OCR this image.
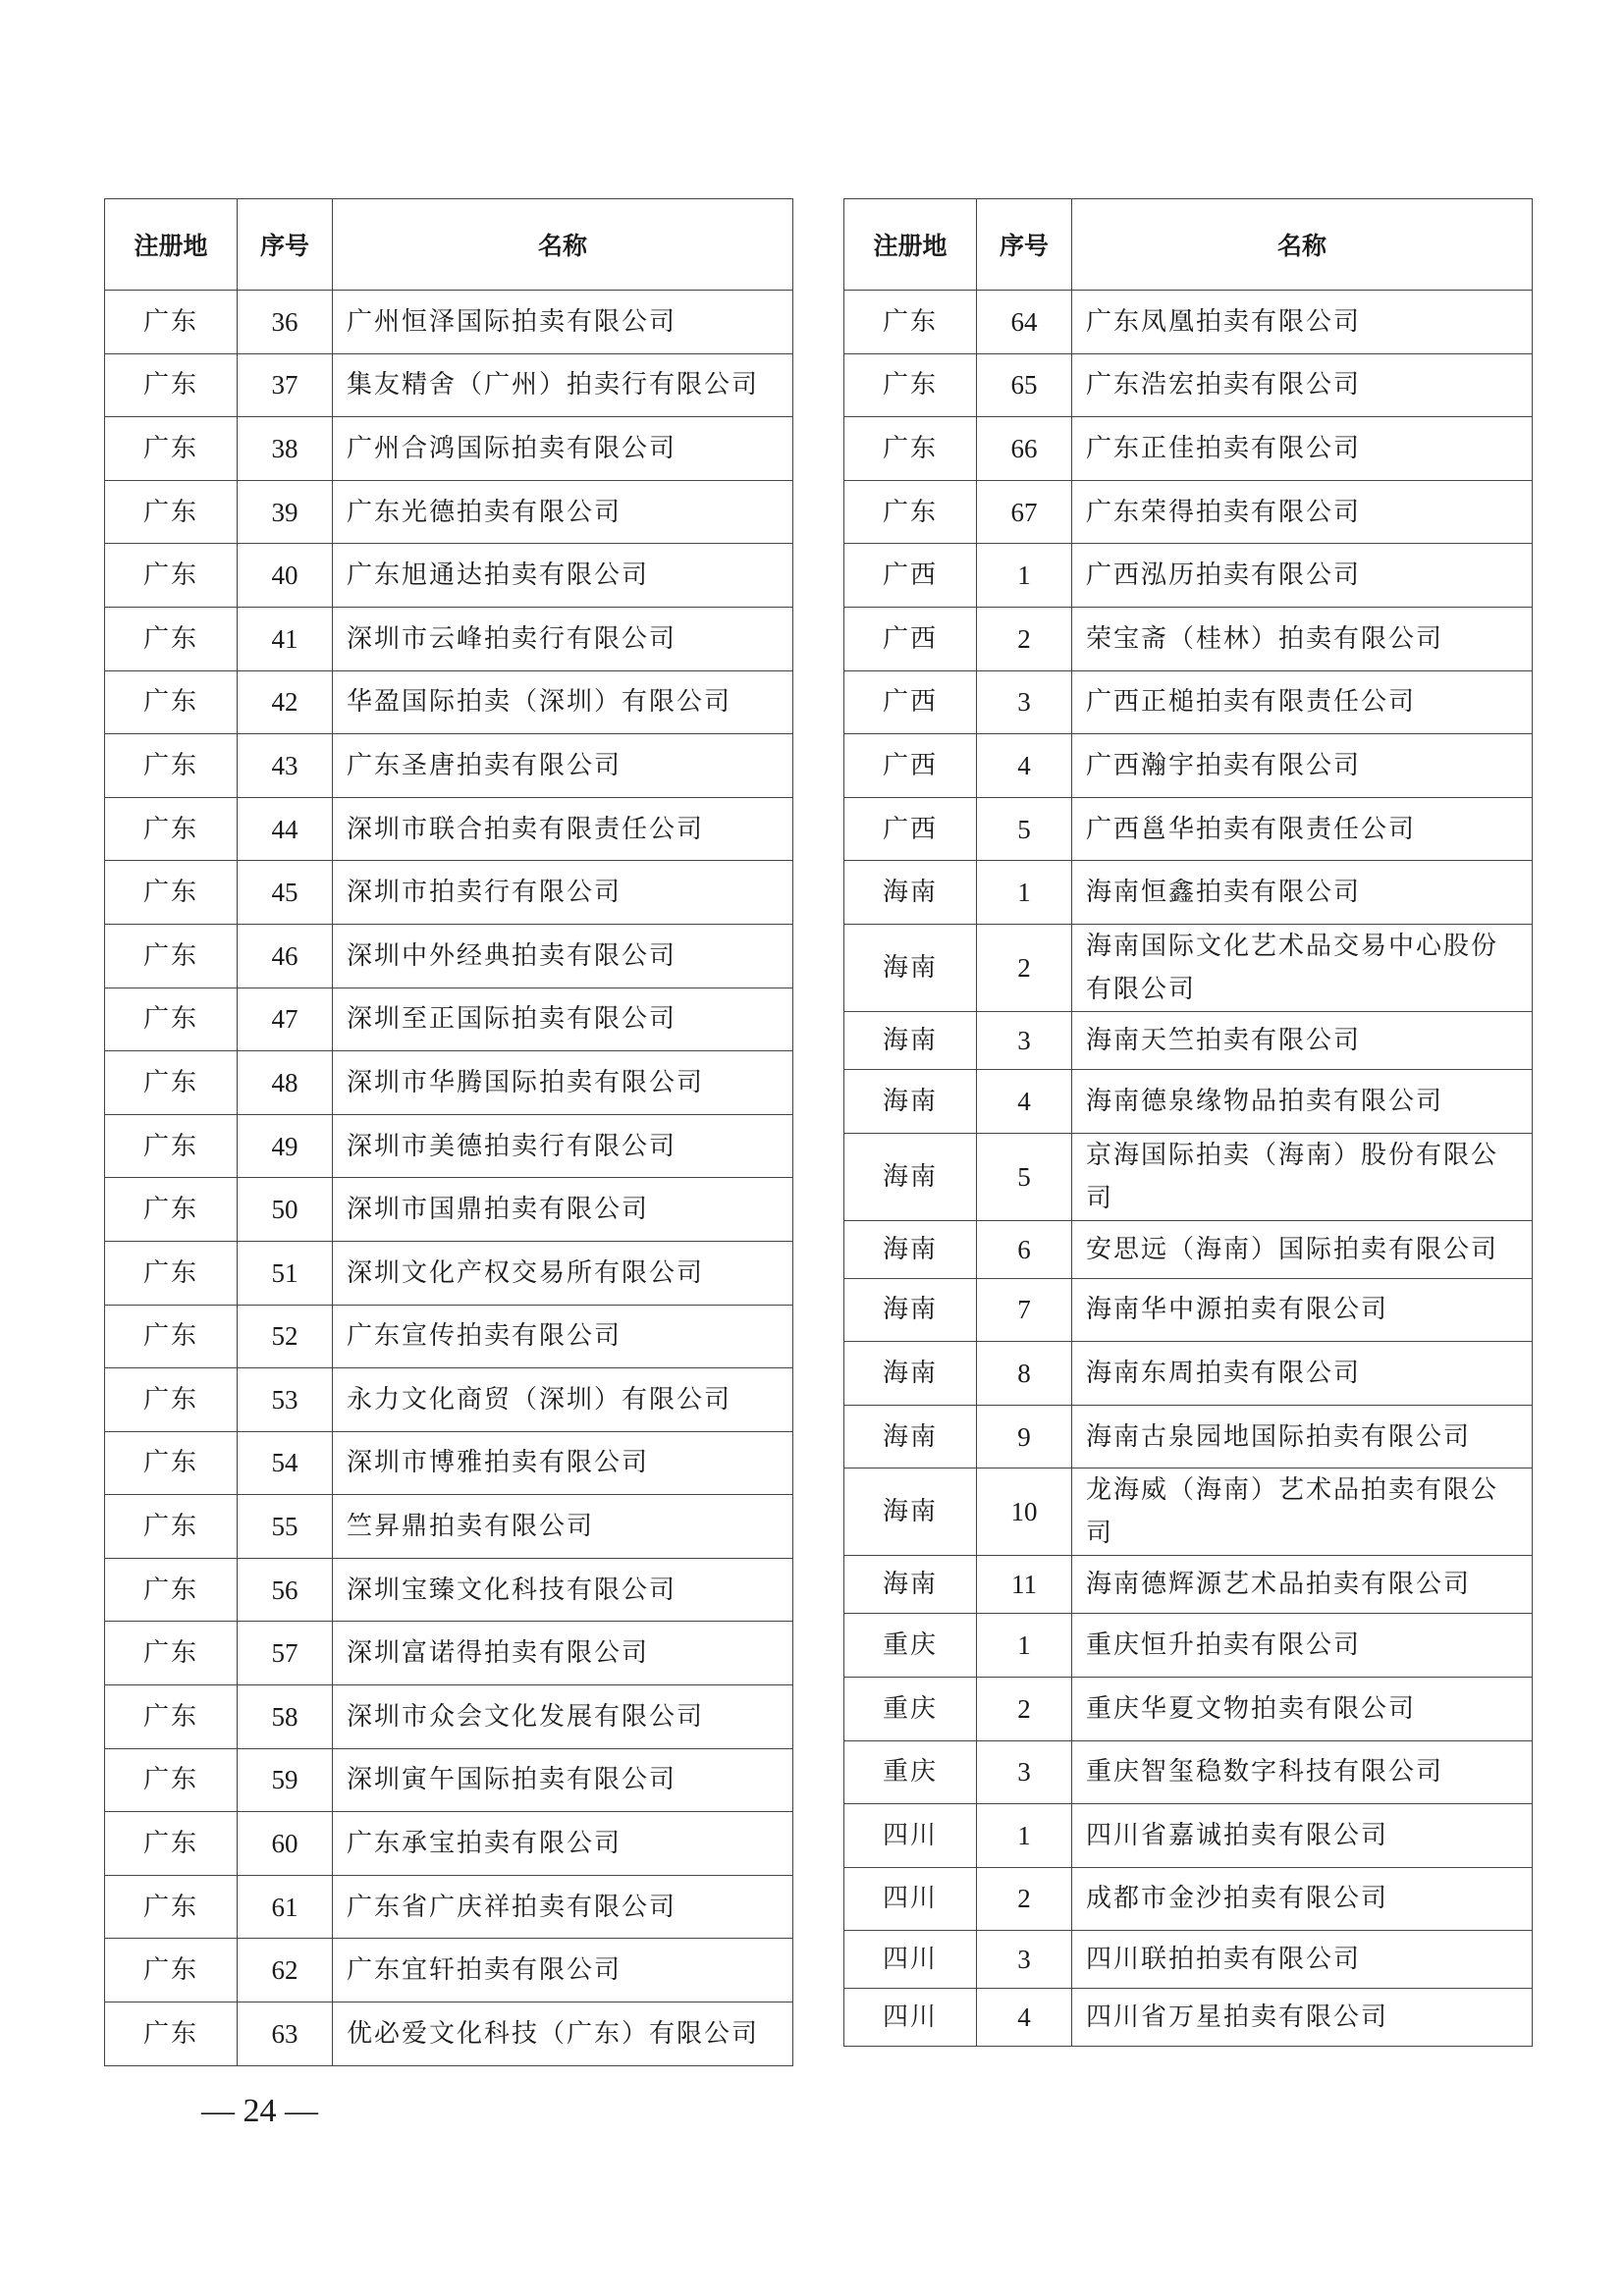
注册地	序号	名称
广东	36	广州恒泽国际拍卖有限公司
广东	37	集友精舍（广州）拍卖行有限公司
广东	38	广州合鸿国际拍卖有限公司
广东	39	广东光德拍卖有限公司
广东	40	广东旭通达拍卖有限公司
广东	41	深圳市云峰拍卖行有限公司
广东	42	华盈国际拍卖（深圳）有限公司
广东	43	广东圣唐拍卖有限公司
广东	44	深圳市联合拍卖有限责任公司
广东	45	深圳市拍卖行有限公司
广东	46	深圳中外经典拍卖有限公司
广东	47	深圳至正国际拍卖有限公司
广东	48	深圳市华腾国际拍卖有限公司
广东	49	深圳市美德拍卖行有限公司
广东	50	深圳市国鼎拍卖有限公司
广东	51	深圳文化产权交易所有限公司
广东	52	广东宣传拍卖有限公司
广东	53	永力文化商贸（深圳）有限公司
广东	54	深圳市博雅拍卖有限公司
广东	55	竺昇鼎拍卖有限公司
广东	56	深圳宝臻文化科技有限公司
广东	57	深圳富诺得拍卖有限公司
广东	58	深圳市众会文化发展有限公司
广东	59	深圳寅午国际拍卖有限公司
广东	60	广东承宝拍卖有限公司
广东	61	广东省广庆祥拍卖有限公司
广东	62	广东宜轩拍卖有限公司
广东	63	优必爱文化科技（广东）有限公司
注册地	序号	名称
广东	64	广东凤凰拍卖有限公司
广东	65	广东浩宏拍卖有限公司
广东	66	广东正佳拍卖有限公司
广东	67	广东荣得拍卖有限公司
广西	1	广西泓历拍卖有限公司
广西	2	荣宝斋（桂林）拍卖有限公司
广西	3	广西正槌拍卖有限责任公司
广西	4	广西瀚宇拍卖有限公司
广西	5	广西邕华拍卖有限责任公司
海南	1	海南恒鑫拍卖有限公司
海南	2	海南国际文化艺术品交易中心股份有限公司
海南	3	海南天竺拍卖有限公司
海南	4	海南德泉缘物品拍卖有限公司
海南	5	京海国际拍卖（海南）股份有限公司
海南	6	安思远（海南）国际拍卖有限公司
海南	7	海南华中源拍卖有限公司
海南	8	海南东周拍卖有限公司
海南	9	海南古泉园地国际拍卖有限公司
海南	10	龙海威（海南）艺术品拍卖有限公司
海南	11	海南德辉源艺术品拍卖有限公司
重庆	1	重庆恒升拍卖有限公司
重庆	2	重庆华夏文物拍卖有限公司
重庆	3	重庆智玺稳数字科技有限公司
四川	1	四川省嘉诚拍卖有限公司
四川	2	成都市金沙拍卖有限公司
四川	3	四川联拍拍卖有限公司
四川	4	四川省万星拍卖有限公司
— 24 —
